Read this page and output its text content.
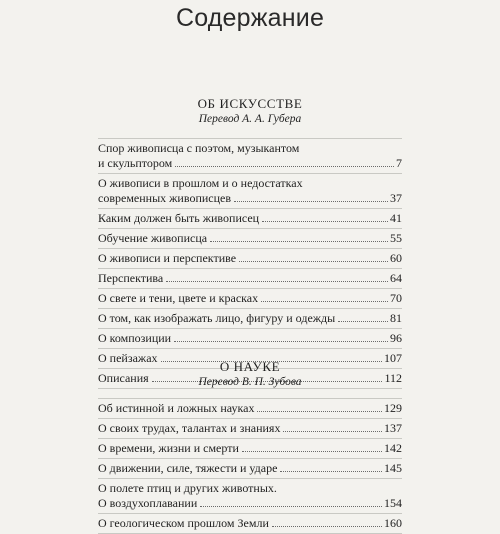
Содержание
ОБ ИСКУССТВЕ
Перевод А. А. Губера
Спор живописца с поэтом, музыкантом
и скульптором	7
О живописи в прошлом и о недостатках
современных живописцев	37
Каким должен быть живописец	41
Обучение живописца	55
О живописи и перспективе	60
Перспектива	64
О свете и тени, цвете и красках	70
О том, как изображать лицо, фигуру и одежды	81
О композиции	96
О пейзажах	107
Описания	112
О НАУКЕ
Перевод В. П. Зубова
Об истинной и ложных науках	129
О своих трудах, талантах и знаниях	137
О времени, жизни и смерти	142
О движении, силе, тяжести и ударе	145
О полете птиц и других животных.
О воздухоплавании	154
О геологическом прошлом Земли	160
